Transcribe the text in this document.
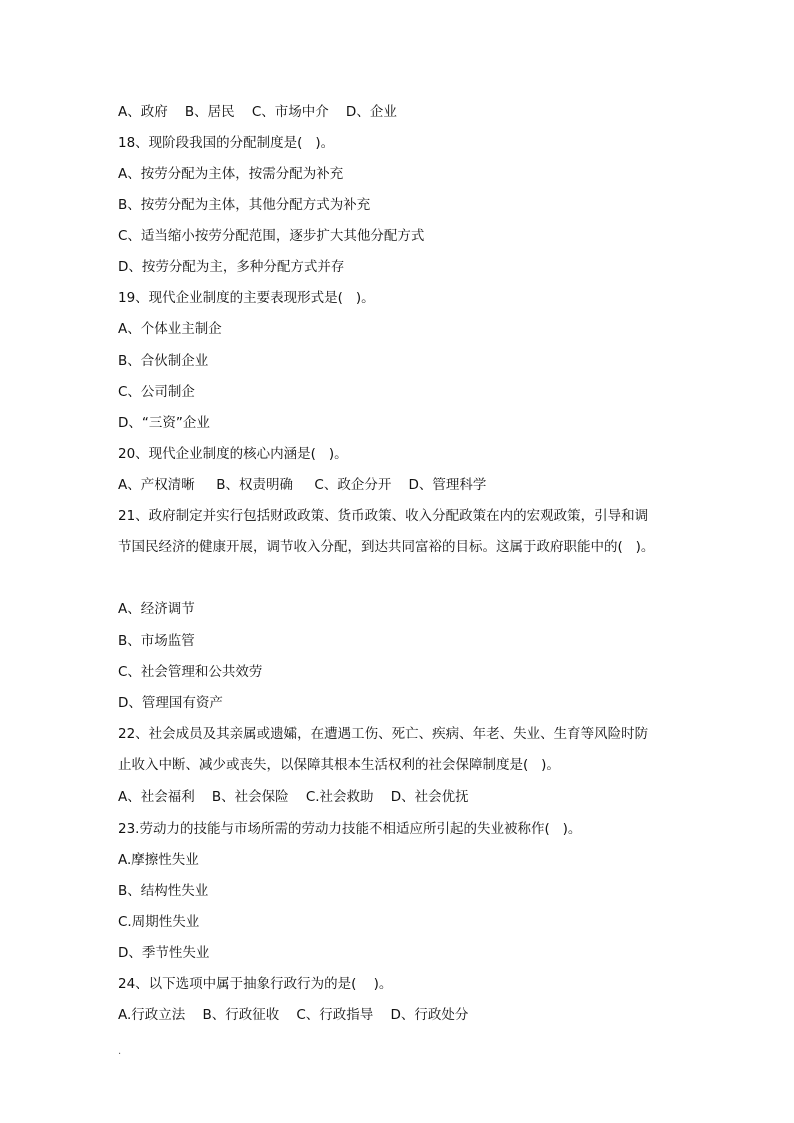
A、政府    B、居民    C、市场中介    D、企业
18、现阶段我国的分配制度是(   )。
A、按劳分配为主体，按需分配为补充
B、按劳分配为主体，其他分配方式为补充
C、适当缩小按劳分配范围，逐步扩大其他分配方式
D、按劳分配为主，多种分配方式并存
19、现代企业制度的主要表现形式是(   )。
A、个体业主制企
B、合伙制企业
C、公司制企
D、“三资”企业
20、现代企业制度的核心内涵是(   )。
A、产权清晰     B、权责明确     C、政企分开    D、管理科学
21、政府制定并实行包括财政政策、货币政策、收入分配政策在内的宏观政策，引导和调
节国民经济的健康开展，调节收入分配，到达共同富裕的目标。这属于政府职能中的(   )。
A、经济调节
B、市场监管
C、社会管理和公共效劳
D、管理国有资产
22、社会成员及其亲属或遗孀，在遭遇工伤、死亡、疾病、年老、失业、生育等风险时防
止收入中断、减少或丧失，以保障其根本生活权利的社会保障制度是(   )。
A、社会福利    B、社会保险    C.社会救助    D、社会优抚
23.劳动力的技能与市场所需的劳动力技能不相适应所引起的失业被称作(   )。
A.摩擦性失业
B、结构性失业
C.周期性失业
D、季节性失业
24、以下选项中属于抽象行政行为的是(    )。
A.行政立法    B、行政征收    C、行政指导    D、行政处分
.
